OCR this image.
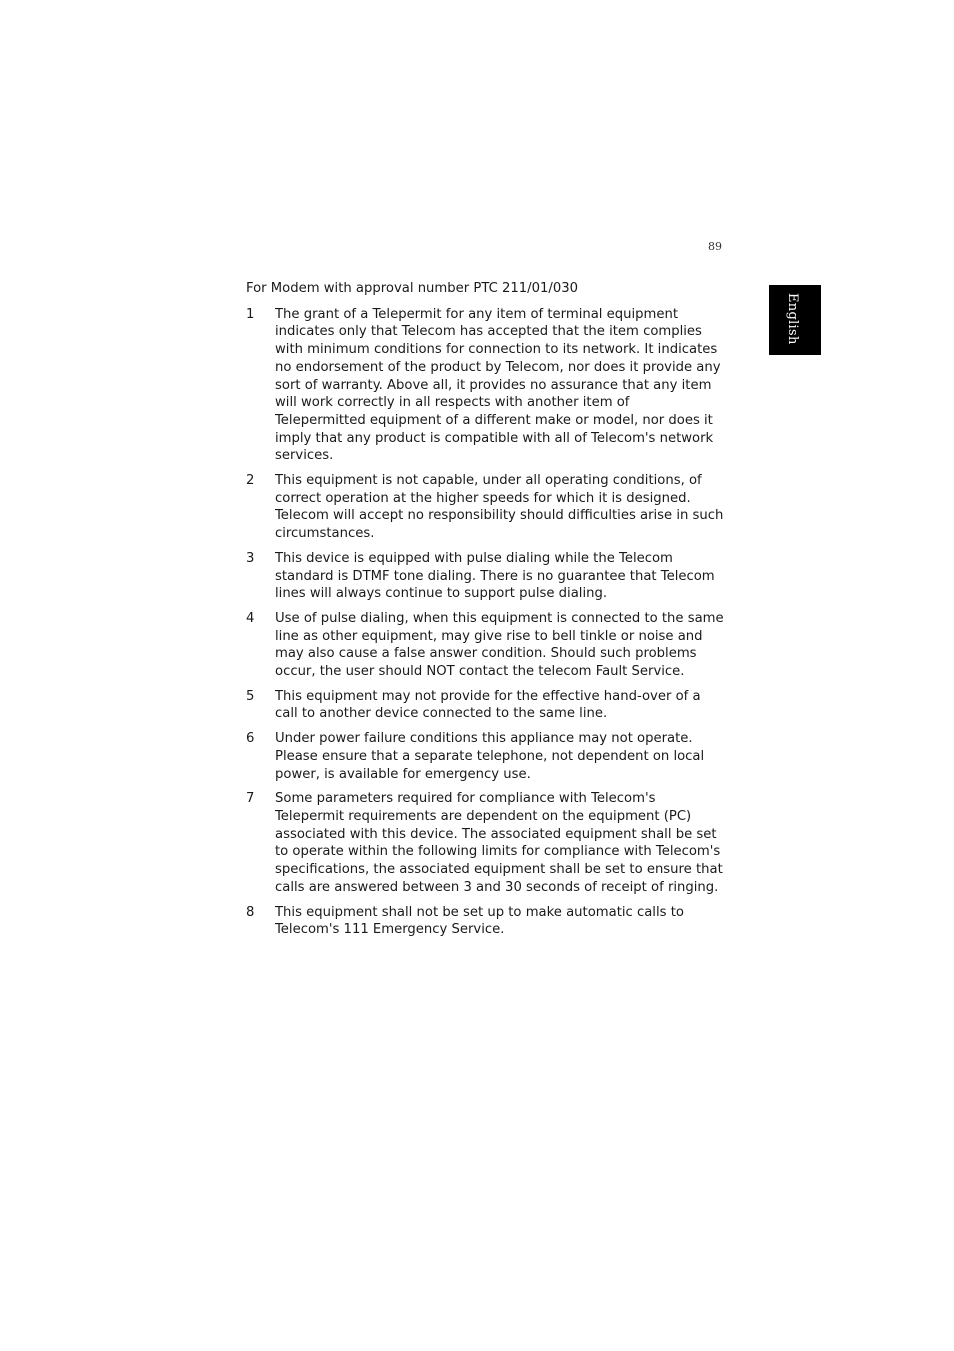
89
English

For Modem with approval number PTC 211/01/030

1 The grant of a Telepermit for any item of terminal equipment indicates only that Telecom has accepted that the item complies with minimum conditions for connection to its network. It indicates no endorsement of the product by Telecom, nor does it provide any sort of warranty. Above all, it provides no assurance that any item will work correctly in all respects with another item of Telepermitted equipment of a different make or model, nor does it imply that any product is compatible with all of Telecom's network services.
2 This equipment is not capable, under all operating conditions, of correct operation at the higher speeds for which it is designed. Telecom will accept no responsibility should difficulties arise in such circumstances.
3 This device is equipped with pulse dialing while the Telecom standard is DTMF tone dialing. There is no guarantee that Telecom lines will always continue to support pulse dialing.
4 Use of pulse dialing, when this equipment is connected to the same line as other equipment, may give rise to bell tinkle or noise and may also cause a false answer condition. Should such problems occur, the user should NOT contact the telecom Fault Service.
5 This equipment may not provide for the effective hand-over of a call to another device connected to the same line.
6 Under power failure conditions this appliance may not operate. Please ensure that a separate telephone, not dependent on local power, is available for emergency use.
7 Some parameters required for compliance with Telecom's Telepermit requirements are dependent on the equipment (PC) associated with this device. The associated equipment shall be set to operate within the following limits for compliance with Telecom's specifications, the associated equipment shall be set to ensure that calls are answered between 3 and 30 seconds of receipt of ringing.
8 This equipment shall not be set up to make automatic calls to Telecom's 111 Emergency Service.
